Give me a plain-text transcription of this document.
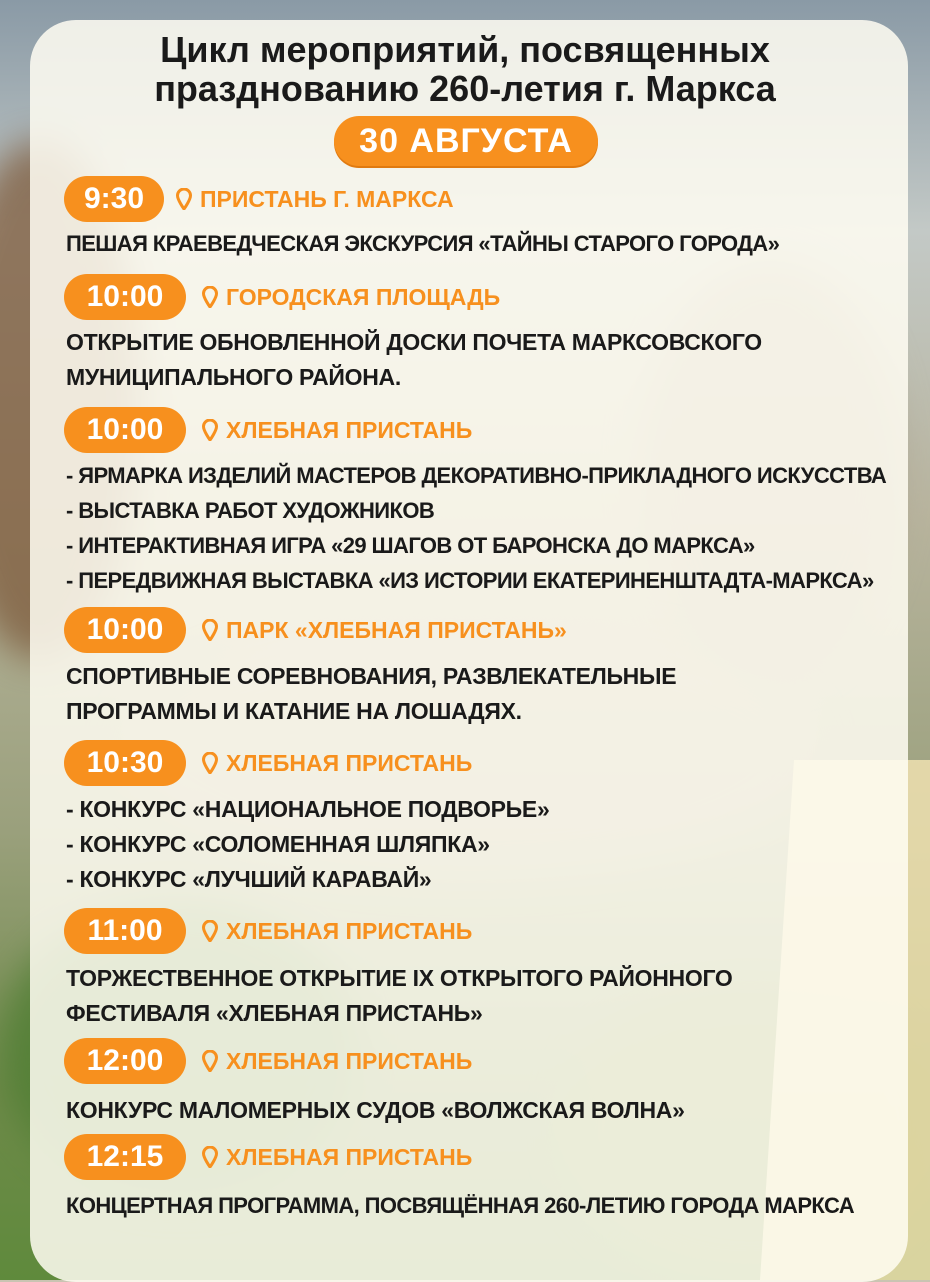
Цикл мероприятий, посвященных
празднованию 260-летия г. Маркса
30 АВГУСТА
9:30	ПРИСТАНЬ Г. МАРКСА
ПЕШАЯ КРАЕВЕДЧЕСКАЯ ЭКСКУРСИЯ «ТАЙНЫ СТАРОГО ГОРОДА»
10:00	ГОРОДСКАЯ ПЛОЩАДЬ
ОТКРЫТИЕ ОБНОВЛЕННОЙ ДОСКИ ПОЧЕТА МАРКСОВСКОГО
МУНИЦИПАЛЬНОГО РАЙОНА.
10:00	ХЛЕБНАЯ ПРИСТАНЬ
- ЯРМАРКА ИЗДЕЛИЙ МАСТЕРОВ ДЕКОРАТИВНО-ПРИКЛАДНОГО ИСКУССТВА
- ВЫСТАВКА РАБОТ ХУДОЖНИКОВ
- ИНТЕРАКТИВНАЯ ИГРА «29 ШАГОВ ОТ БАРОНСКА ДО МАРКСА»
- ПЕРЕДВИЖНАЯ ВЫСТАВКА «ИЗ ИСТОРИИ ЕКАТЕРИНЕНШТАДТА-МАРКСА»
10:00	ПАРК «ХЛЕБНАЯ ПРИСТАНЬ»
СПОРТИВНЫЕ СОРЕВНОВАНИЯ, РАЗВЛЕКАТЕЛЬНЫЕ
ПРОГРАММЫ И КАТАНИЕ НА ЛОШАДЯХ.
10:30	ХЛЕБНАЯ ПРИСТАНЬ
- КОНКУРС «НАЦИОНАЛЬНОЕ ПОДВОРЬЕ»
- КОНКУРС «СОЛОМЕННАЯ ШЛЯПКА»
- КОНКУРС «ЛУЧШИЙ КАРАВАЙ»
11:00	ХЛЕБНАЯ ПРИСТАНЬ
ТОРЖЕСТВЕННОЕ ОТКРЫТИЕ IX ОТКРЫТОГО РАЙОННОГО
ФЕСТИВАЛЯ «ХЛЕБНАЯ ПРИСТАНЬ»
12:00	ХЛЕБНАЯ ПРИСТАНЬ
КОНКУРС МАЛОМЕРНЫХ СУДОВ «ВОЛЖСКАЯ ВОЛНА»
12:15	ХЛЕБНАЯ ПРИСТАНЬ
КОНЦЕРТНАЯ ПРОГРАММА, ПОСВЯЩЁННАЯ 260-ЛЕТИЮ ГОРОДА МАРКСА
